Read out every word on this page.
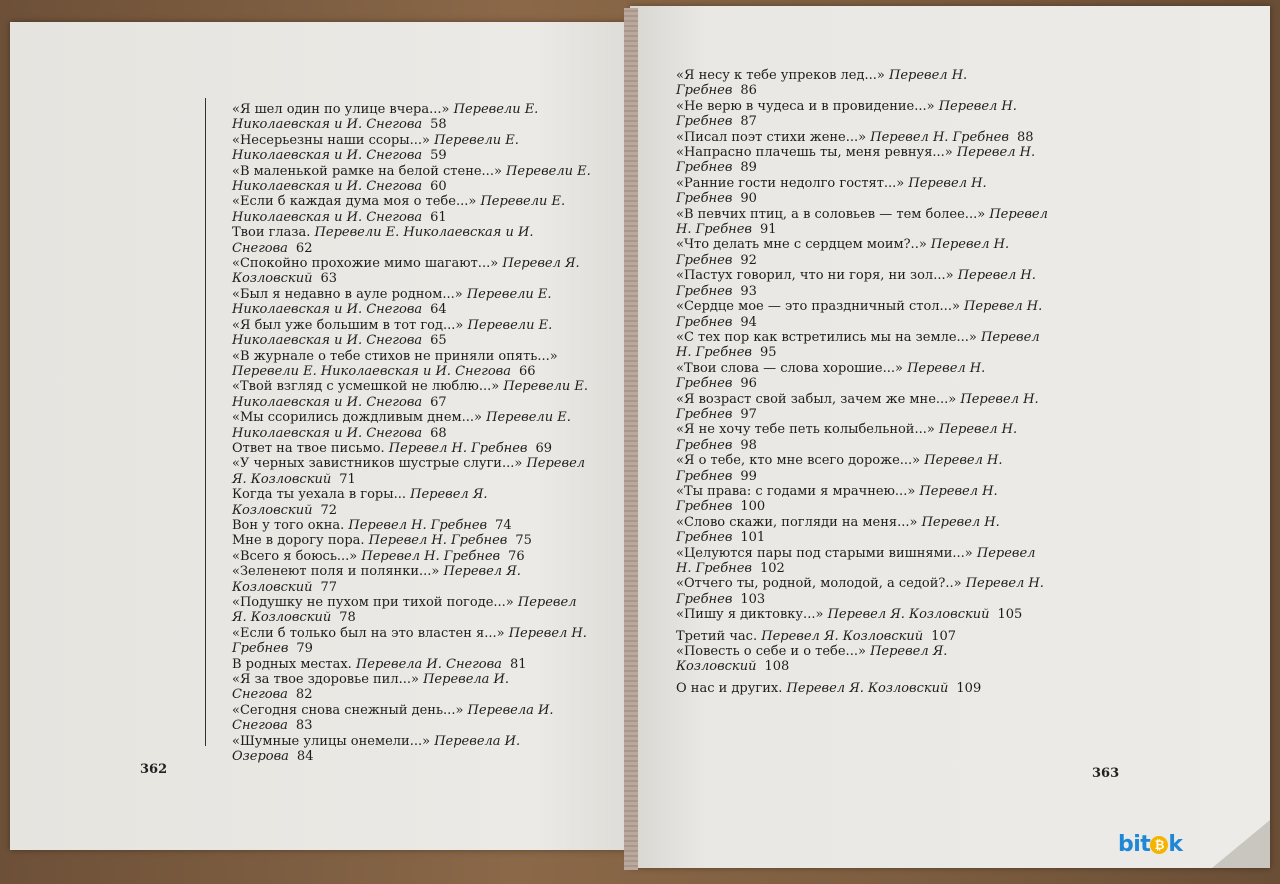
«Я шел один по улице вчера...» Перевели Е. Николаевская и И. Снегова 58

«Несерьезны наши ссоры...» Перевели Е. Николаевская и И. Снегова 59

«В маленькой рамке на белой стене...» Перевели Е. Николаевская и И. Снегова 60

«Если б каждая дума моя о тебе...» Перевели Е. Николаевская и И. Снегова 61

Твои глаза. Перевели Е. Николаевская и И. Снегова 62

«Спокойно прохожие мимо шагают...» Перевел Я. Козловский 63

«Был я недавно в ауле родном...» Перевели Е. Николаевская и И. Снегова 64

«Я был уже большим в тот год...» Перевели Е. Николаевская и И. Снегова 65

«В журнале о тебе стихов не приняли опять...» Перевели Е. Николаевская и И. Снегова 66

«Твой взгляд с усмешкой не люблю...» Перевели Е. Николаевская и И. Снегова 67

«Мы ссорились дождливым днем...» Перевели Е. Николаевская и И. Снегова 68

Ответ на твое письмо. Перевел Н. Гребнев 69

«У черных завистников шустрые слуги...» Перевел Я. Козловский 71

Когда ты уехала в горы... Перевел Я. Козловский 72

Вон у того окна. Перевел Н. Гребнев 74

Мне в дорогу пора. Перевел Н. Гребнев 75

«Всего я боюсь...» Перевел Н. Гребнев 76

«Зеленеют поля и полянки...» Перевел Я. Козловский 77

«Подушку не пухом при тихой погоде...» Перевел Я. Козловский 78

«Если б только был на это властен я...» Перевел Н. Гребнев 79

В родных местах. Перевела И. Снегова 81

«Я за твое здоровье пил...» Перевела И. Снегова 82

«Сегодня снова снежный день...» Перевела И. Снегова 83

«Шумные улицы онемели...» Перевела И. Озерова 84

«Я несу к тебе упреков лед...» Перевел Н. Гребнев 86

«Не верю в чудеса и в провидение...» Перевел Н. Гребнев 87

«Писал поэт стихи жене...» Перевел Н. Гребнев 88

«Напрасно плачешь ты, меня ревнуя...» Перевел Н. Гребнев 89

«Ранние гости недолго гостят...» Перевел Н. Гребнев 90

«В певчих птиц, а в соловьев — тем более...» Перевел Н. Гребнев 91

«Что делать мне с сердцем моим?..» Перевел Н. Гребнев 92

«Пастух говорил, что ни горя, ни зол...» Перевел Н. Гребнев 93

«Сердце мое — это праздничный стол...» Перевел Н. Гребнев 94

«С тех пор как встретились мы на земле...» Перевел Н. Гребнев 95

«Твои слова — слова хорошие...» Перевел Н. Гребнев 96

«Я возраст свой забыл, зачем же мне...» Перевел Н. Гребнев 97

«Я не хочу тебе петь колыбельной...» Перевел Н. Гребнев 98

«Я о тебе, кто мне всего дороже...» Перевел Н. Гребнев 99

«Ты права: с годами я мрачнею...» Перевел Н. Гребнев 100

«Слово скажи, погляди на меня...» Перевел Н. Гребнев 101

«Целуются пары под старыми вишнями...» Перевел Н. Гребнев 102

«Отчего ты, родной, молодой, а седой?..» Перевел Н. Гребнев 103

«Пишу я диктовку...» Перевел Я. Козловский 105

Третий час. Перевел Я. Козловский 107

«Повесть о себе и о тебе...» Перевел Я. Козловский 108

О нас и других. Перевел Я. Козловский 109

362	363
bit ₿ k
